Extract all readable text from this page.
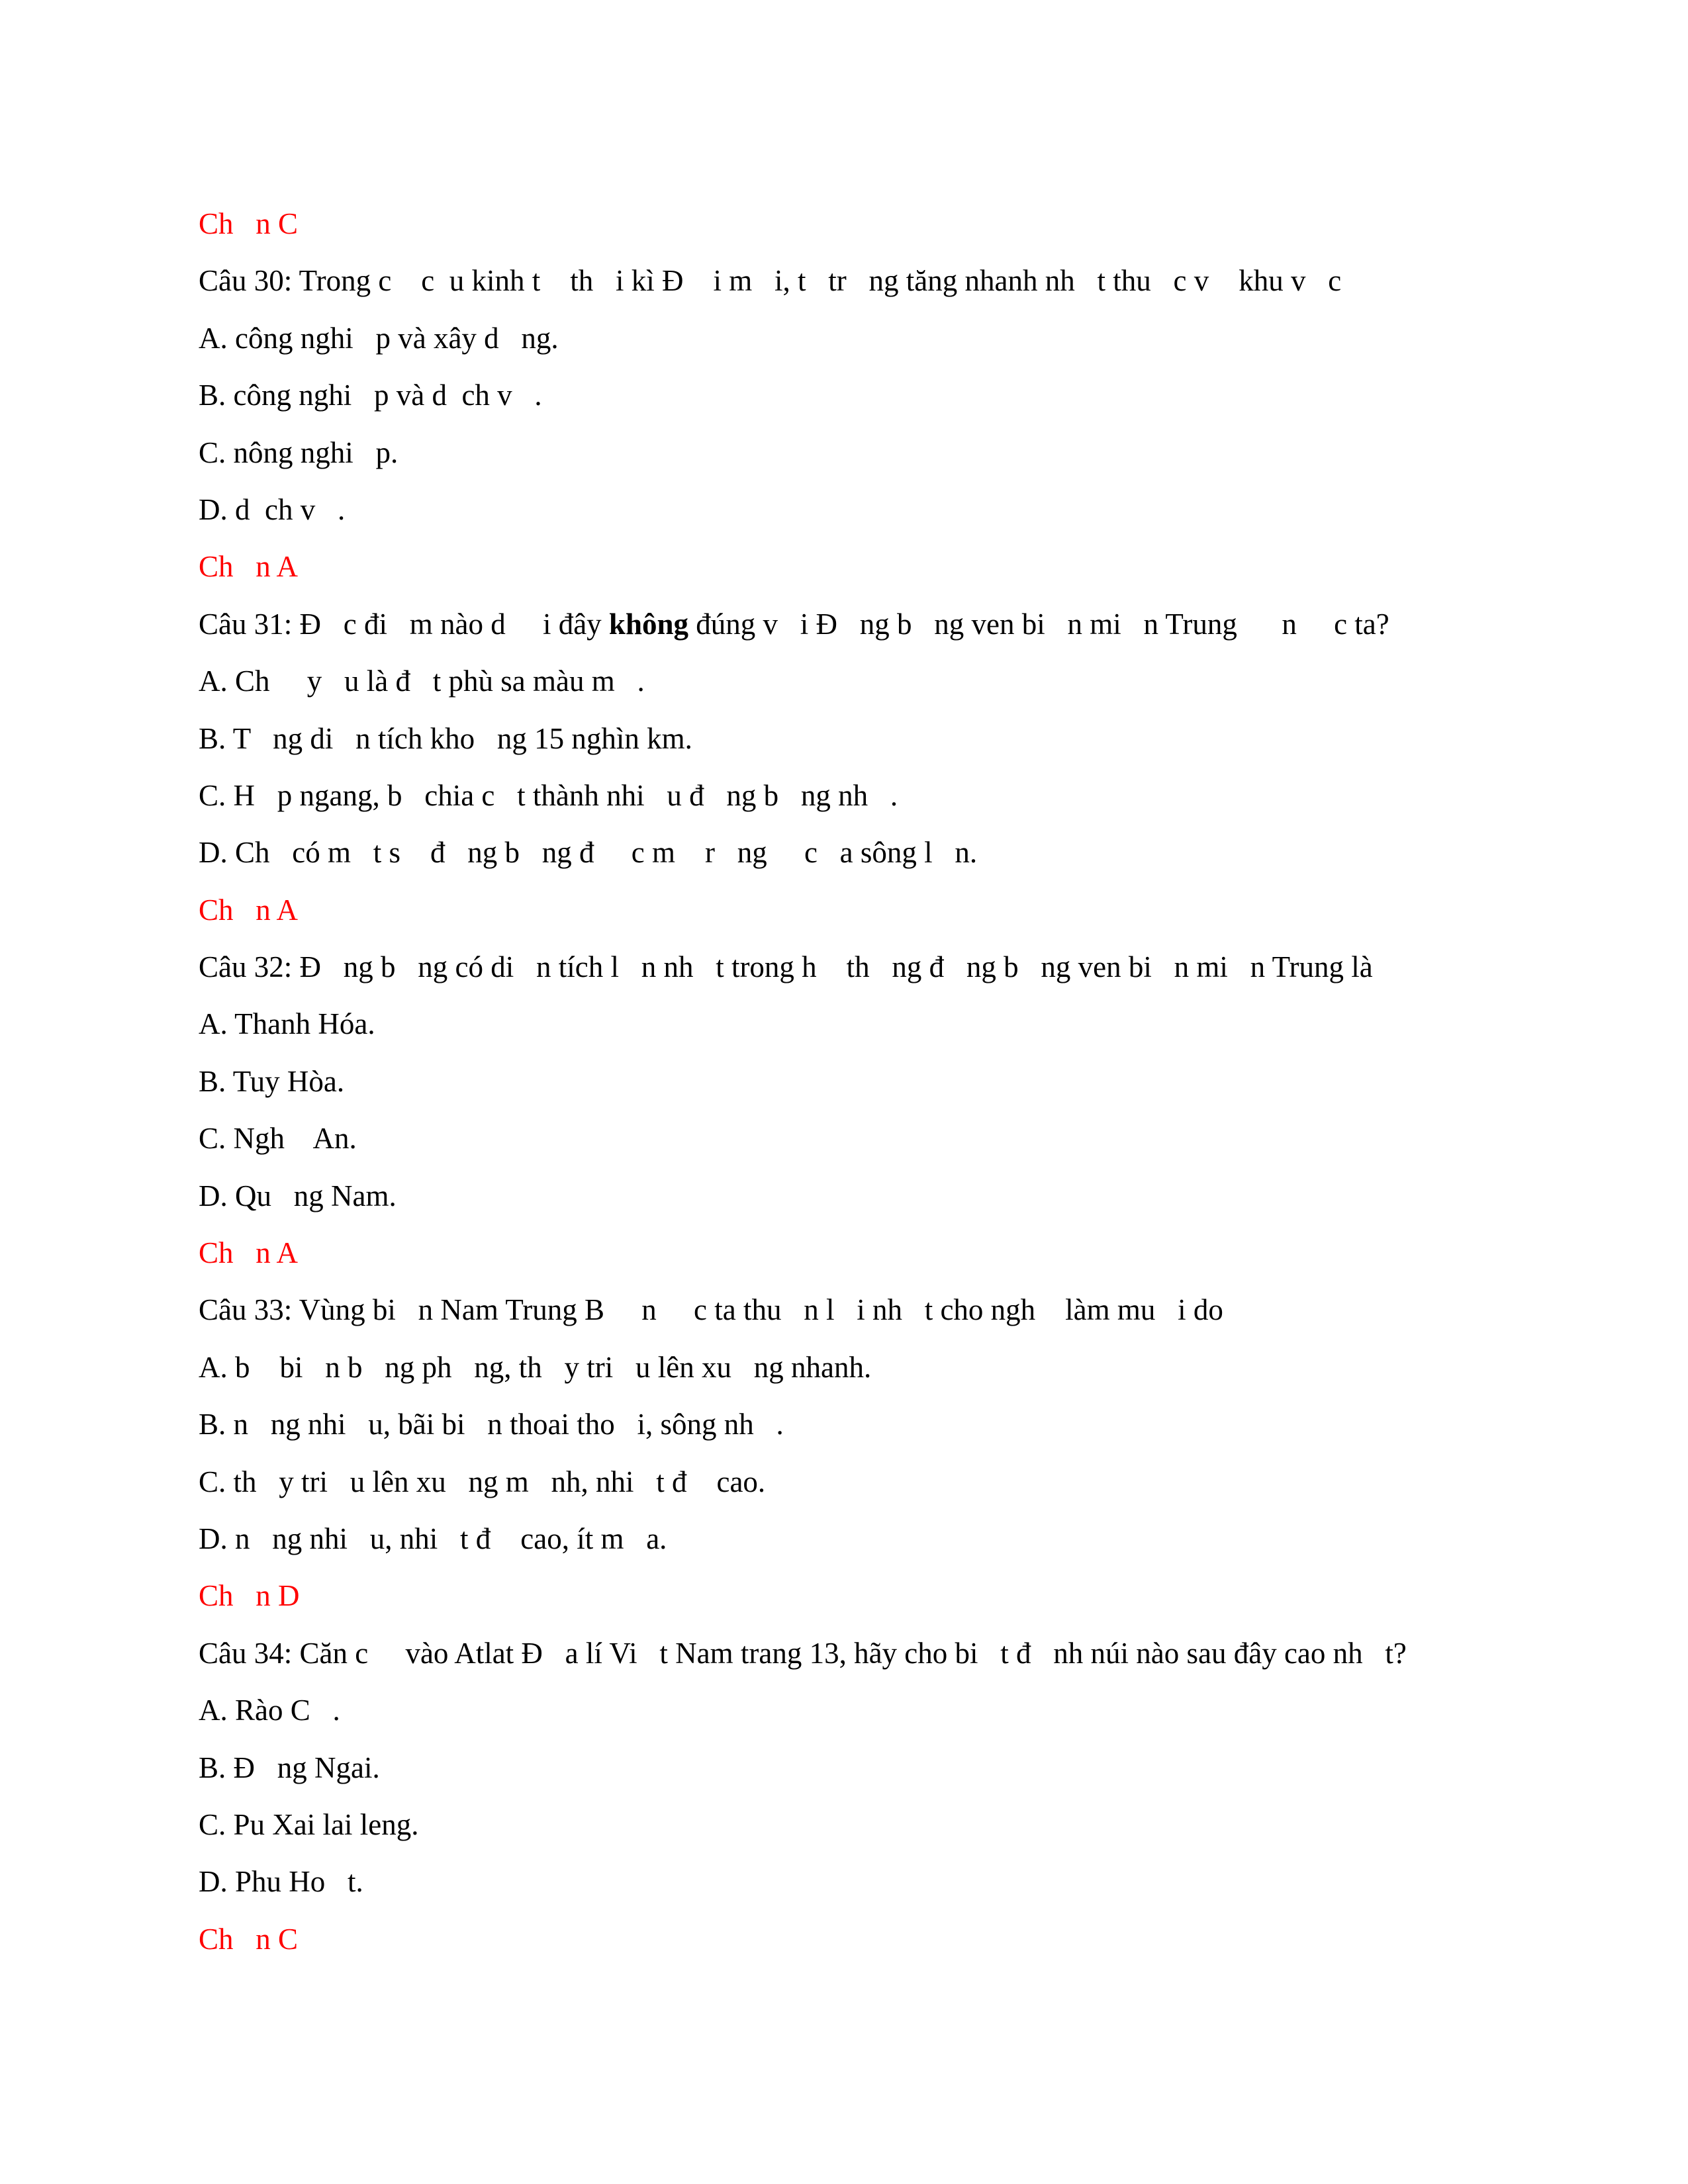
Ch   n C
Câu 30: Trong c    c  u kinh t    th   i kì Đ    i m   i, t   tr   ng tăng nhanh nh   t thu   c v    khu v   c
A. công nghi   p và xây d   ng.
B. công nghi   p và d  ch v   .
C. nông nghi   p.
D. d  ch v   .
Ch   n A
Câu 31: Đ   c đi   m nào d     i đây không đúng v   i Đ   ng b   ng ven bi   n mi   n Trung      n     c ta?
A. Ch     y   u là đ   t phù sa màu m   .
B. T   ng di   n tích kho   ng 15 nghìn km.
C. H   p ngang, b   chia c   t thành nhi   u đ   ng b   ng nh   .
D. Ch   có m   t s    đ   ng b   ng đ     c m    r   ng     c   a sông l   n.
Ch   n A
Câu 32: Đ   ng b   ng có di   n tích l   n nh   t trong h    th   ng đ   ng b   ng ven bi   n mi   n Trung là
A. Thanh Hóa.
B. Tuy Hòa.
C. Ngh    An.
D. Qu   ng Nam.
Ch   n A
Câu 33: Vùng bi   n Nam Trung B     n     c ta thu   n l   i nh   t cho ngh    làm mu   i do
A. b    bi   n b   ng ph   ng, th   y tri   u lên xu   ng nhanh.
B. n   ng nhi   u, bãi bi   n thoai tho   i, sông nh   .
C. th   y tri   u lên xu   ng m   nh, nhi   t đ    cao.
D. n   ng nhi   u, nhi   t đ    cao, ít m   a.
Ch   n D
Câu 34: Căn c     vào Atlat Đ   a lí Vi   t Nam trang 13, hãy cho bi   t đ   nh núi nào sau đây cao nh   t?
A. Rào C   .
B. Đ   ng Ngai.
C. Pu Xai lai leng.
D. Phu Ho   t.
Ch   n C
